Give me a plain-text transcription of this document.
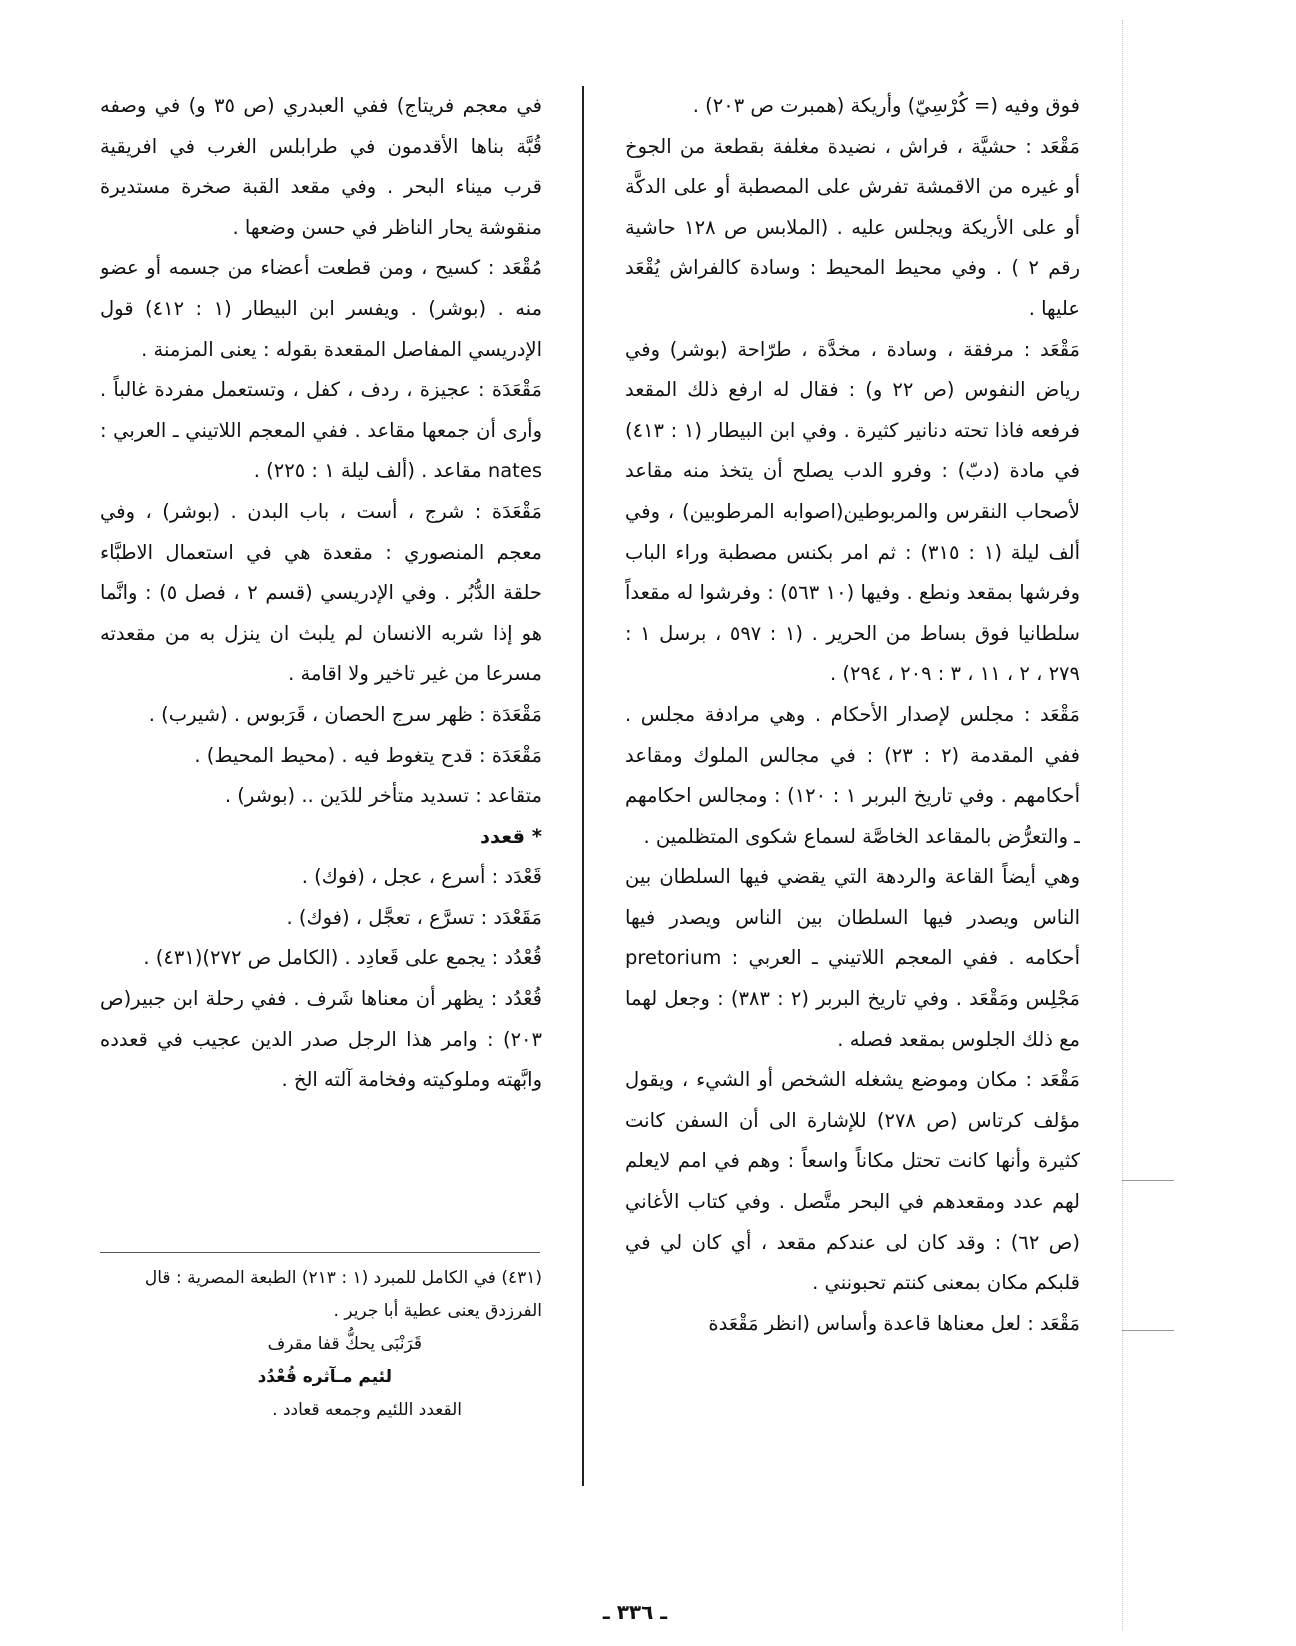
فوق وفيه (= كُرْسِيّ) وأريكة (همبرت ص ٢٠٣) .

مَقْعَد : حشيَّة ، فراش ، نضيدة مغلفة بقطعة من الجوخ أو غيره من الاقمشة تفرش على المصطبة أو على الدكَّة أو على الأريكة ويجلس عليه . (الملابس ص ١٢٨ حاشية رقم ٢ ) . وفي محيط المحيط : وسادة كالفراش يُقْعَد عليها .

مَقْعَد : مرفقة ، وسادة ، مخدَّة ، طرّاحة (بوشر) وفي رياض النفوس (ص ٢٢ و) : فقال له ارفع ذلك المقعد فرفعه فاذا تحته دنانير كثيرة . وفي ابن البيطار (١ : ٤١٣) في مادة (دبّ) : وفرو الدب يصلح أن يتخذ منه مقاعد لأصحاب النقرس والمربوطين(اصوابه المرطوبين) ، وفي ألف ليلة (١ : ٣١٥) : ثم امر بكنس مصطبة وراء الباب وفرشها بمقعد ونطع . وفيها (١٠ ٥٦٣) : وفرشوا له مقعداً سلطانيا فوق بساط من الحرير . (١ : ٥٩٧ ، برسل ١ : ٢٧٩ ، ٢ ، ١١ ، ٣ : ٢٠٩ ، ٢٩٤) .

مَقْعَد : مجلس لإصدار الأحكام . وهي مرادفة مجلس . ففي المقدمة (٢ : ٢٣) : في مجالس الملوك ومقاعد أحكامهم . وفي تاريخ البربر ١ : ١٢٠) : ومجالس احكامهم ـ والتعرُّض بالمقاعد الخاصَّة لسماع شكوى المتظلمين .

وهي أيضاً القاعة والردهة التي يقضي فيها السلطان بين الناس ويصدر فيها السلطان بين الناس ويصدر فيها أحكامه . ففي المعجم اللاتيني ـ العربي : pretorium مَجْلِس ومَقْعَد . وفي تاريخ البربر (٢ : ٣٨٣) : وجعل لهما مع ذلك الجلوس بمقعد فصله .

مَقْعَد : مكان وموضع يشغله الشخص أو الشيء ، ويقول مؤلف كرتاس (ص ٢٧٨) للإشارة الى أن السفن كانت كثيرة وأنها كانت تحتل مكاناً واسعاً : وهم في امم لايعلم لهم عدد ومقعدهم في البحر متَّصل . وفي كتاب الأغاني (ص ٦٢) : وقد كان لى عندكم مقعد ، أي كان لي في قلبكم مكان بمعنى كنتم تحبونني .

مَقْعَد : لعل معناها قاعدة وأساس (انظر مَقْعَدة

في معجم فريتاج) ففي العبدري (ص ٣٥ و) في وصفه قُبَّة بناها الأقدمون في طرابلس الغرب في افريقية قرب ميناء البحر . وفي مقعد القبة صخرة مستديرة منقوشة يحار الناظر في حسن وضعها .

مُقْعَد : كسيح ، ومن قطعت أعضاء من جسمه أو عضو منه . (بوشر) . ويفسر ابن البيطار (١ : ٤١٢) قول الإدريسي المفاصل المقعدة بقوله : يعنى المزمنة .

مَقْعَدَة : عجيزة ، ردف ، كفل ، وتستعمل مفردة غالباً . وأرى أن جمعها مقاعد . ففي المعجم اللاتيني ـ العربي : nates مقاعد . (ألف ليلة ١ : ٢٢٥) .

مَقْعَدَة : شرج ، أست ، باب البدن . (بوشر) ، وفي معجم المنصوري : مقعدة هي في استعمال الاطبَّاء حلقة الدُّبُر . وفي الإدريسي (قسم ٢ ، فصل ٥) : وانَّما هو إذا شربه الانسان لم يلبث ان ينزل به من مقعدته مسرعا من غير تاخير ولا اقامة .

مَقْعَدَة : ظهر سرج الحصان ، قَرَبوس . (شيرب) .

مَقْعَدَة : قدح يتغوط فيه . (محيط المحيط) .

متقاعد : تسديد متأخر للدَين .. (بوشر) .

* قعدد

قَعْدَد : أسرع ، عجل ، (فوك) .

مَقَعْدَد : تسرَّع ، تعجَّل ، (فوك) .

قُعْدُد : يجمع على قَعادِد . (الكامل ص ٢٧٢)(٤٣١) .

قُعْدُد : يظهر أن معناها شَرف . ففي رحلة ابن جبير(ص ٢٠٣) : وامر هذا الرجل صدر الدين عجيب في قعدده وابَّهته وملوكيته وفخامة آلته الخ .

(٤٣١) في الكامل للمبرد (١ : ٢١٣) الطبعة المصرية : قال الفرزدق يعنى عطية أبا جرير .
قَرَنْبَى يحكُّ قفا مقرف
لئيم مـآثره قُعْدُد
القعدد اللئيم وجمعه قعادد .
ـ ٣٣٦ ـ
